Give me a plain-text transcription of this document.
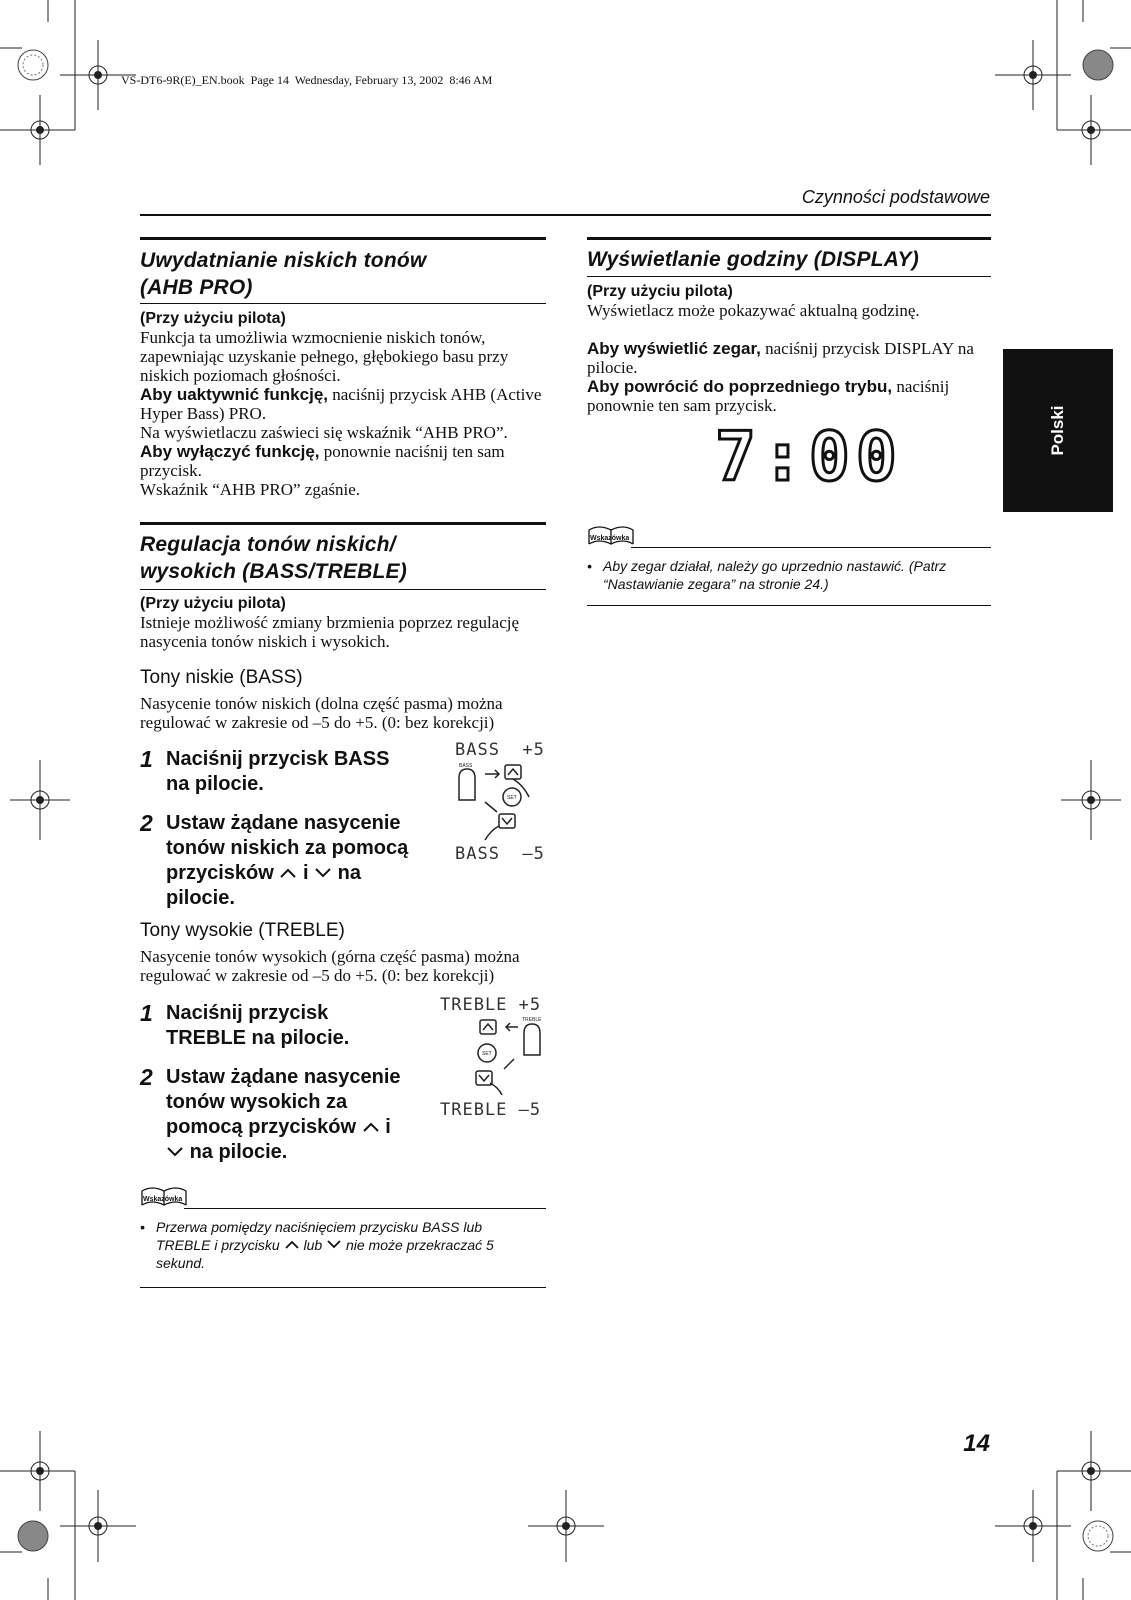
VS-DT6-9R(E)_EN.book  Page 14  Wednesday, February 13, 2002  8:46 AM
Czynności podstawowe
Polski
Uwydatnianie niskich tonów
(AHB PRO)
(Przy użyciu pilota)

Funkcja ta umożliwia wzmocnienie niskich tonów, zapewniając uzyskanie pełnego, głębokiego basu przy niskich poziomach głośności.

Aby uaktywnić funkcję, naciśnij przycisk AHB (Active Hyper Bass) PRO.

Na wyświetlaczu zaświeci się wskaźnik “AHB PRO”.

Aby wyłączyć funkcję, ponownie naciśnij ten sam przycisk.

Wskaźnik “AHB PRO” zgaśnie.

Regulacja tonów niskich/
wysokich (BASS/TREBLE)
(Przy użyciu pilota)
Istnieje możliwość zmiany brzmienia poprzez regulację nasycenia tonów niskich i wysokich.
Tony niskie (BASS)
Nasycenie tonów niskich (dolna część pasma) można regulować w zakresie od –5 do +5. (0: bez korekcji)
1 Naciśnij przycisk BASS na pilocie.
2 Ustaw żądane nasycenie tonów niskich za pomocą przycisków i na pilocie.
BASS  +5
BASS  –5
BASS
SET
Tony wysokie (TREBLE)
Nasycenie tonów wysokich (górna część pasma) można regulować w zakresie od –5 do +5. (0: bez korekcji)
1 Naciśnij przycisk TREBLE na pilocie.
2 Ustaw żądane nasycenie tonów wysokich za pomocą przycisków i  na pilocie.
TREBLE +5
TREBLE –5
TREBLE
SET
Wskazówka
• Przerwa pomiędzy naciśnięciem przycisku BASS lub TREBLE i przycisku lub nie może przekraczać 5 sekund.
Wyświetlanie godziny (DISPLAY)
(Przy użyciu pilota)

Wyświetlacz może pokazywać aktualną godzinę.

Aby wyświetlić zegar, naciśnij przycisk DISPLAY na pilocie.

Aby powrócić do poprzedniego trybu, naciśnij ponownie ten sam przycisk.

7:00
Wskazówka
• Aby zegar działał, należy go uprzednio nastawić. (Patrz “Nastawianie zegara” na stronie 24.)
14
